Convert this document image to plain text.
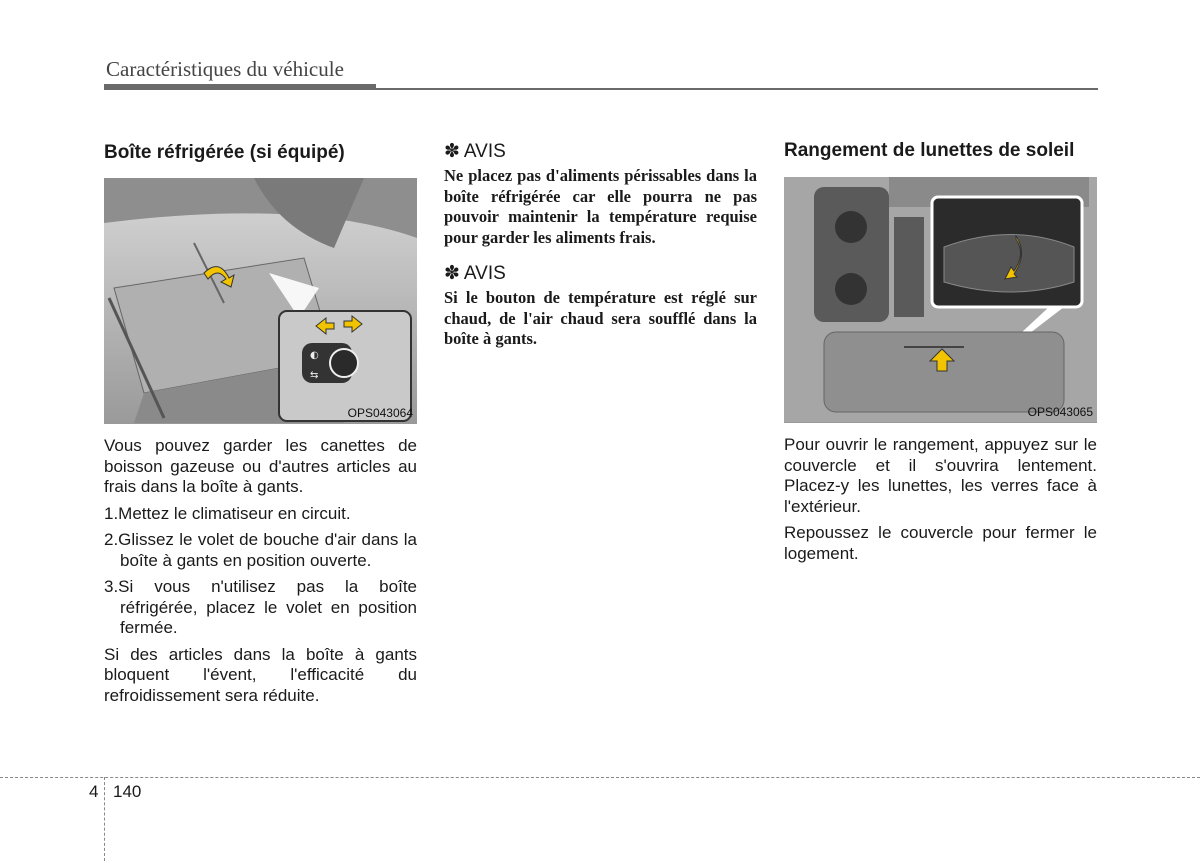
Caractéristiques du véhicule
Boîte réfrigérée (si équipé)
◐
⇆
OPS043064

Vous pouvez garder les canettes de boisson gazeuse ou d'autres articles au frais dans la boîte à gants.

1.Mettez le climatiseur en circuit.

2.Glissez le volet de bouche d'air dans la boîte à gants en position ouverte.

3.Si vous n'utilisez pas la boîte réfrigérée, placez le volet en position fermée.

Si des articles dans la boîte à gants bloquent l'évent, l'efficacité du refroidissement sera réduite.

✽ AVIS

Ne placez pas d'aliments périssables dans la boîte réfrigérée car elle pourra ne pas pouvoir maintenir la température requise pour garder les aliments frais.

✽ AVIS

Si le bouton de température est réglé sur chaud, de l'air chaud sera soufflé dans la boîte à gants.

Rangement de lunettes de soleil
OPS043065

Pour ouvrir le rangement, appuyez sur le couvercle et il s'ouvrira lentement. Placez-y les lunettes, les verres face à l'extérieur.

Repoussez le couvercle pour fermer le logement.

4 140
